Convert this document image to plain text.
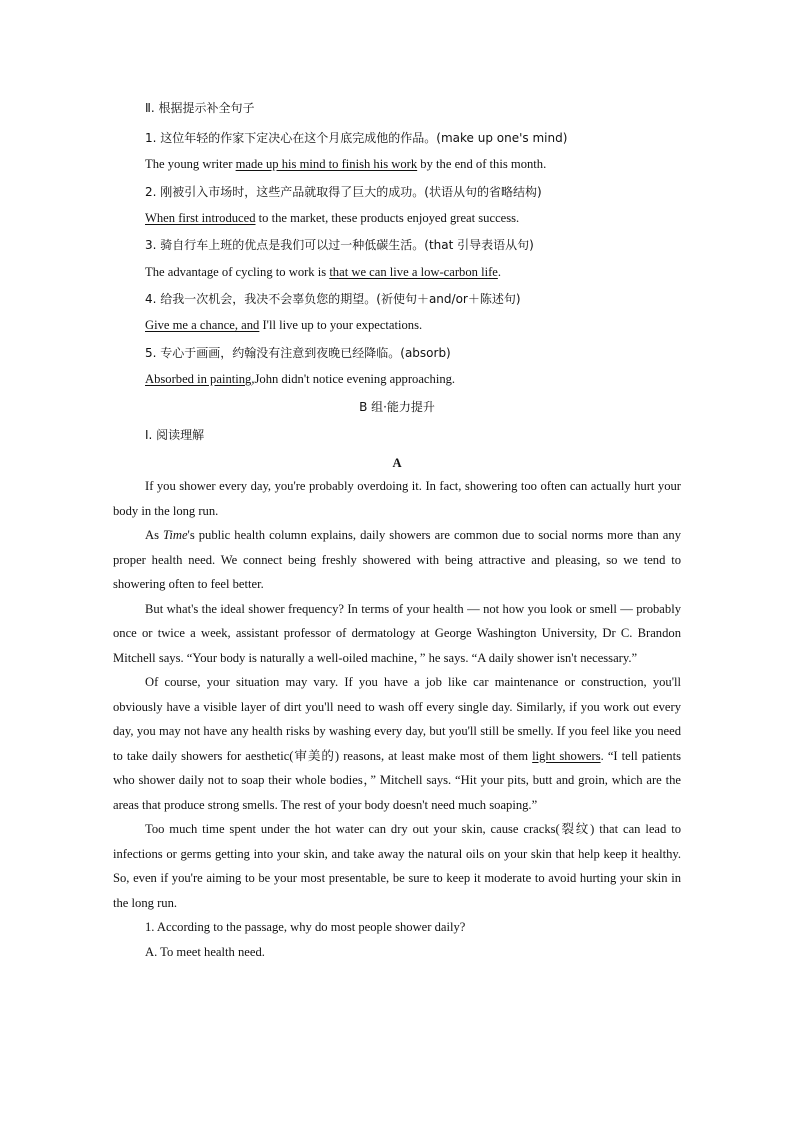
Ⅱ. 根据提示补全句子
1. 这位年轻的作家下定决心在这个月底完成他的作品。(make up one's mind)
The young writer made up his mind to finish his work by the end of this month.
2. 刚被引入市场时，这些产品就取得了巨大的成功。(状语从句的省略结构)
When first introduced to the market, these products enjoyed great success.
3. 骑自行车上班的优点是我们可以过一种低碳生活。(that 引导表语从句)
The advantage of cycling to work is that we can live a low-carbon life.
4. 给我一次机会，我决不会辜负您的期望。(祈使句＋and/or＋陈述句)
Give me a chance, and I'll live up to your expectations.
5. 专心于画画，约翰没有注意到夜晚已经降临。(absorb)
Absorbed in painting,John didn't notice evening approaching.
B 组·能力提升
Ⅰ. 阅读理解
A

If you shower every day, you're probably overdoing it. In fact, showering too often can actually hurt your body in the long run.

As Time's public health column explains, daily showers are common due to social norms more than any proper health need. We connect being freshly showered with being attractive and pleasing, so we tend to showering often to feel better.

But what's the ideal shower frequency? In terms of your health — not how you look or smell — probably once or twice a week, assistant professor of dermatology at George Washington University, Dr C. Brandon Mitchell says. “Your body is naturally a well-oiled machine，” he says. “A daily shower isn't necessary.”

Of course, your situation may vary. If you have a job like car maintenance or construction, you'll obviously have a visible layer of dirt you'll need to wash off every single day. Similarly, if you work out every day, you may not have any health risks by washing every day, but you'll still be smelly. If you feel like you need to take daily showers for aesthetic(审美的) reasons, at least make most of them light showers. “I tell patients who shower daily not to soap their whole bodies，” Mitchell says. “Hit your pits, butt and groin, which are the areas that produce strong smells. The rest of your body doesn't need much soaping.”

Too much time spent under the hot water can dry out your skin, cause cracks(裂纹) that can lead to infections or germs getting into your skin, and take away the natural oils on your skin that help keep it healthy. So, even if you're aiming to be your most presentable, be sure to keep it moderate to avoid hurting your skin in the long run.

1. According to the passage, why do most people shower daily?

A. To meet health need.
